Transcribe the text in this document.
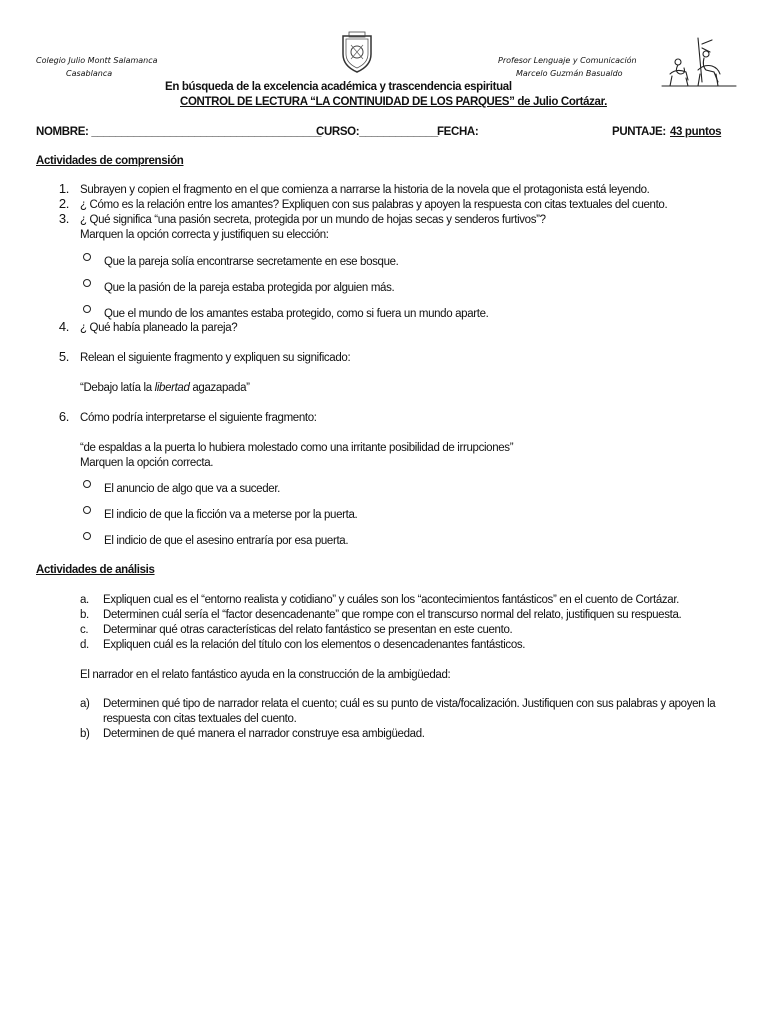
Colegio Julio Montt Salamanca
Casablanca
Profesor Lenguaje y Comunicación
Marcelo Guzmán Basualdo
En búsqueda de la excelencia académica y trascendencia espiritual
CONTROL DE LECTURA “LA CONTINUIDAD DE LOS PARQUES” de Julio Cortázar.
NOMBRE: ______________________________________
CURSO:_____________ FECHA:	PUNTAJE: 43 puntos
Actividades de comprensión
1. Subrayen y copien el fragmento en el que comienza a narrarse la historia de la novela que el protagonista está leyendo.
2. ¿ Cómo es la relación entre los amantes? Expliquen con sus palabras y apoyen la respuesta con citas textuales del cuento.
3. ¿ Qué significa “una pasión secreta, protegida por un mundo de hojas secas y senderos furtivos”?
Marquen la opción correcta y justifiquen su elección:
Que la pareja solía encontrarse secretamente en ese bosque.
Que la pasión de la pareja estaba protegida por alguien más.
Que el mundo de los amantes estaba protegido, como si fuera un mundo aparte.
4. ¿ Qué había planeado la pareja?
5. Relean el siguiente fragmento y expliquen su significado:
“Debajo latía la libertad agazapada”
6. Cómo podría interpretarse el siguiente fragmento:
“de espaldas a la puerta lo hubiera molestado como una irritante posibilidad de irrupciones”
Marquen la opción correcta.
El anuncio de algo que va a suceder.
El indicio de que la ficción va a meterse por la puerta.
El indicio de que el asesino entraría por esa puerta.
Actividades de análisis
a. Expliquen cual es el “entorno realista y cotidiano” y cuáles son los “acontecimientos fantásticos” en el cuento de Cortázar.
b. Determinen cuál sería el “factor desencadenante” que rompe con el transcurso normal del relato, justifiquen su respuesta.
c. Determinar qué otras características del relato fantástico se presentan en este cuento.
d. Expliquen cuál es la relación del título con los elementos o desencadenantes fantásticos.
El narrador en el relato fantástico ayuda en la construcción de la ambigüedad:
a) Determinen qué tipo de narrador relata el cuento; cuál es su punto de vista/focalización. Justifiquen con sus palabras y apoyen la
respuesta con citas textuales del cuento.
b) Determinen de qué manera el narrador construye esa ambigüedad.
